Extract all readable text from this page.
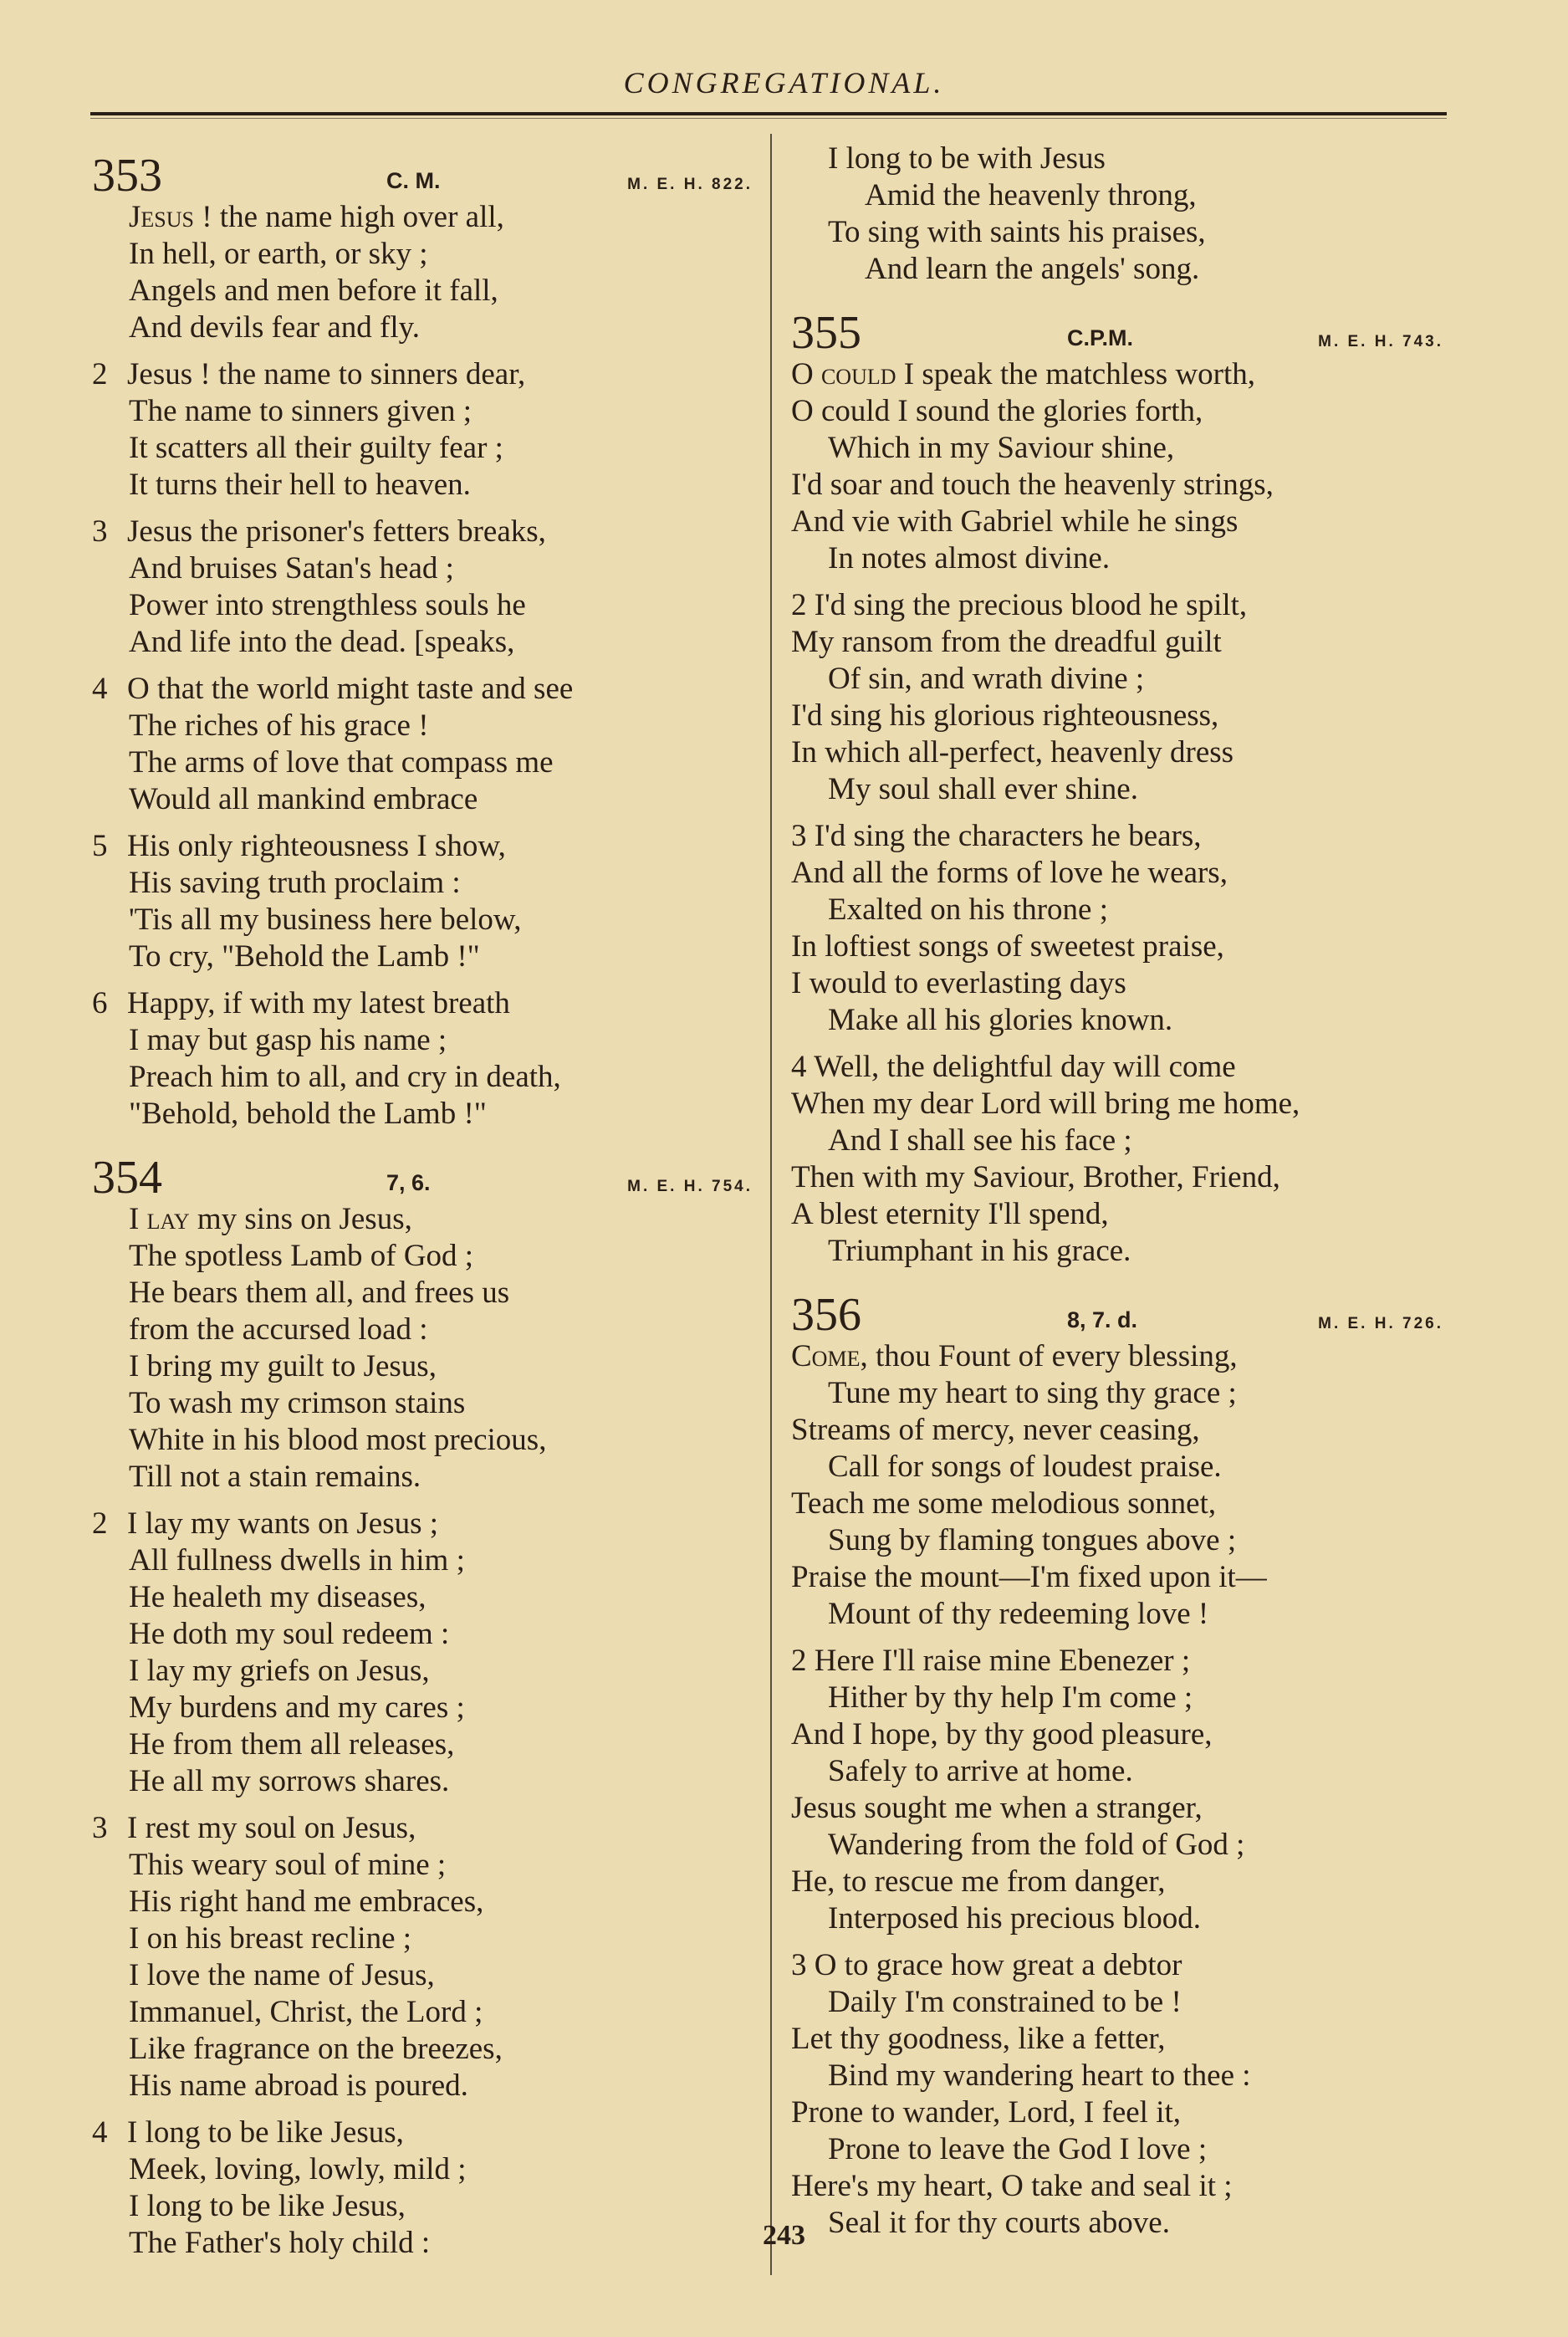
CONGREGATIONAL.
353	C. M.	M. E. H. 822.
Jesus ! the name high over all,
In hell, or earth, or sky ;
Angels and men before it fall,
And devils fear and fly.
2 Jesus ! the name to sinners dear,
The name to sinners given ;
It scatters all their guilty fear ;
It turns their hell to heaven.
3 Jesus the prisoner's fetters breaks,
And bruises Satan's head ;
Power into strengthless souls he
And life into the dead. [speaks,
4 O that the world might taste and see
The riches of his grace !
The arms of love that compass me
Would all mankind embrace
5 His only righteousness I show,
His saving truth proclaim :
'Tis all my business here below,
To cry, "Behold the Lamb !"
6 Happy, if with my latest breath
I may but gasp his name ;
Preach him to all, and cry in death,
"Behold, behold the Lamb !"
354	7, 6.	M. E. H. 754.
I lay my sins on Jesus,
The spotless Lamb of God ;
He bears them all, and frees us
from the accursed load :
I bring my guilt to Jesus,
To wash my crimson stains
White in his blood most precious,
Till not a stain remains.
2 I lay my wants on Jesus ;
All fullness dwells in him ;
He healeth my diseases,
He doth my soul redeem :
I lay my griefs on Jesus,
My burdens and my cares ;
He from them all releases,
He all my sorrows shares.
3 I rest my soul on Jesus,
This weary soul of mine ;
His right hand me embraces,
I on his breast recline ;
I love the name of Jesus,
Immanuel, Christ, the Lord ;
Like fragrance on the breezes,
His name abroad is poured.
4 I long to be like Jesus,
Meek, loving, lowly, mild ;
I long to be like Jesus,
The Father's holy child :
I long to be with Jesus
Amid the heavenly throng,
To sing with saints his praises,
And learn the angels' song.
355	C.P.M.	M. E. H. 743.
O could I speak the matchless worth,
O could I sound the glories forth,
Which in my Saviour shine,
I'd soar and touch the heavenly strings,
And vie with Gabriel while he sings
In notes almost divine.
2 I'd sing the precious blood he spilt,
My ransom from the dreadful guilt
Of sin, and wrath divine ;
I'd sing his glorious righteousness,
In which all-perfect, heavenly dress
My soul shall ever shine.
3 I'd sing the characters he bears,
And all the forms of love he wears,
Exalted on his throne ;
In loftiest songs of sweetest praise,
I would to everlasting days
Make all his glories known.
4 Well, the delightful day will come
When my dear Lord will bring me home,
And I shall see his face ;
Then with my Saviour, Brother, Friend,
A blest eternity I'll spend,
Triumphant in his grace.
356	8, 7. d.	M. E. H. 726.
Come, thou Fount of every blessing,
Tune my heart to sing thy grace ;
Streams of mercy, never ceasing,
Call for songs of loudest praise.
Teach me some melodious sonnet,
Sung by flaming tongues above ;
Praise the mount—I'm fixed upon it—
Mount of thy redeeming love !
2 Here I'll raise mine Ebenezer ;
Hither by thy help I'm come ;
And I hope, by thy good pleasure,
Safely to arrive at home.
Jesus sought me when a stranger,
Wandering from the fold of God ;
He, to rescue me from danger,
Interposed his precious blood.
3 O to grace how great a debtor
Daily I'm constrained to be !
Let thy goodness, like a fetter,
Bind my wandering heart to thee :
Prone to wander, Lord, I feel it,
Prone to leave the God I love ;
Here's my heart, O take and seal it ;
Seal it for thy courts above.
243
